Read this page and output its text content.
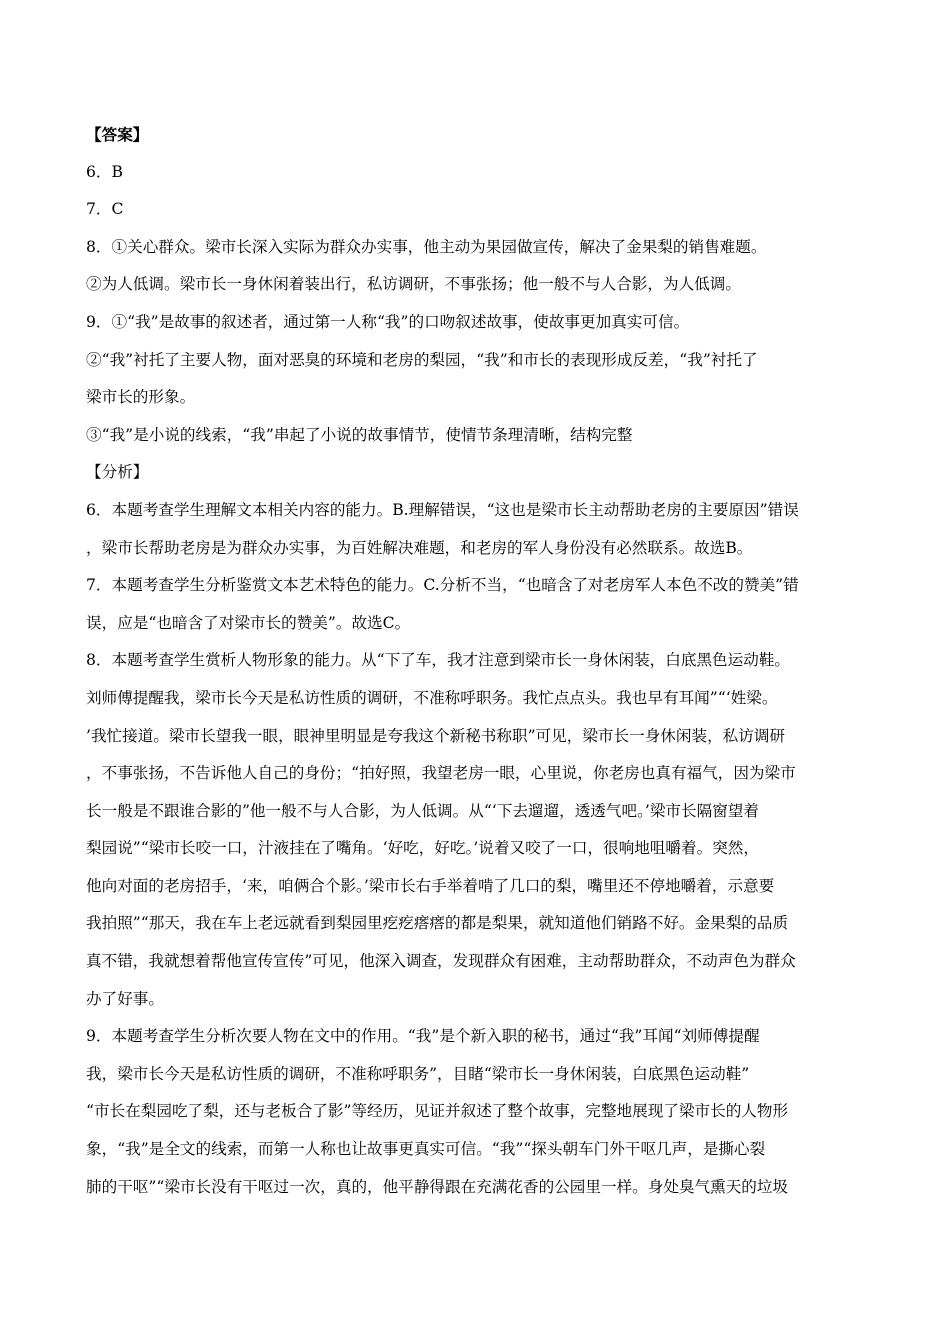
【答案】
6．B
7．C
8．①关心群众。梁市长深入实际为群众办实事，他主动为果园做宣传，解决了金果梨的销售难题。
②为人低调。梁市长一身休闲着装出行，私访调研，不事张扬；他一般不与人合影，为人低调。
9．①“我”是故事的叙述者，通过第一人称“我”的口吻叙述故事，使故事更加真实可信。
②“我”衬托了主要人物，面对恶臭的环境和老房的梨园，“我”和市长的表现形成反差，“我”衬托了
梁市长的形象。
③“我”是小说的线索，“我”串起了小说的故事情节，使情节条理清晰，结构完整
【分析】
6．本题考查学生理解文本相关内容的能力。B.理解错误，“这也是梁市长主动帮助老房的主要原因”错误
，梁市长帮助老房是为群众办实事，为百姓解决难题，和老房的军人身份没有必然联系。故选B。
7．本题考查学生分析鉴赏文本艺术特色的能力。C.分析不当，“也暗含了对老房军人本色不改的赞美”错
误，应是“也暗含了对梁市长的赞美”。故选C。
8．本题考查学生赏析人物形象的能力。从“下了车，我才注意到梁市长一身休闲装，白底黑色运动鞋。
刘师傅提醒我，梁市长今天是私访性质的调研，不准称呼职务。我忙点点头。我也早有耳闻”“‘姓梁。
’我忙接道。梁市长望我一眼，眼神里明显是夸我这个新秘书称职”可见，梁市长一身休闲装，私访调研
，不事张扬，不告诉他人自己的身份；“拍好照，我望老房一眼，心里说，你老房也真有福气，因为梁市
长一般是不跟谁合影的”他一般不与人合影，为人低调。从“‘下去遛遛，透透气吧。’梁市长隔窗望着
梨园说”“梁市长咬一口，汁液挂在了嘴角。‘好吃，好吃。’说着又咬了一口，很响地咀嚼着。突然，
他向对面的老房招手，‘来，咱俩合个影。’梁市长右手举着啃了几口的梨，嘴里还不停地嚼着，示意要
我拍照”“那天，我在车上老远就看到梨园里疙疙瘩瘩的都是梨果，就知道他们销路不好。金果梨的品质
真不错，我就想着帮他宣传宣传”可见，他深入调查，发现群众有困难，主动帮助群众，不动声色为群众
办了好事。
9．本题考查学生分析次要人物在文中的作用。“我”是个新入职的秘书，通过“我”耳闻“刘师傅提醒
我，梁市长今天是私访性质的调研，不准称呼职务”，目睹“梁市长一身休闲装，白底黑色运动鞋”
“市长在梨园吃了梨，还与老板合了影”等经历，见证并叙述了整个故事，完整地展现了梁市长的人物形
象，“我”是全文的线索，而第一人称也让故事更真实可信。“我”“探头朝车门外干呕几声，是撕心裂
肺的干呕”“梁市长没有干呕过一次，真的，他平静得跟在充满花香的公园里一样。身处臭气熏天的垃圾
